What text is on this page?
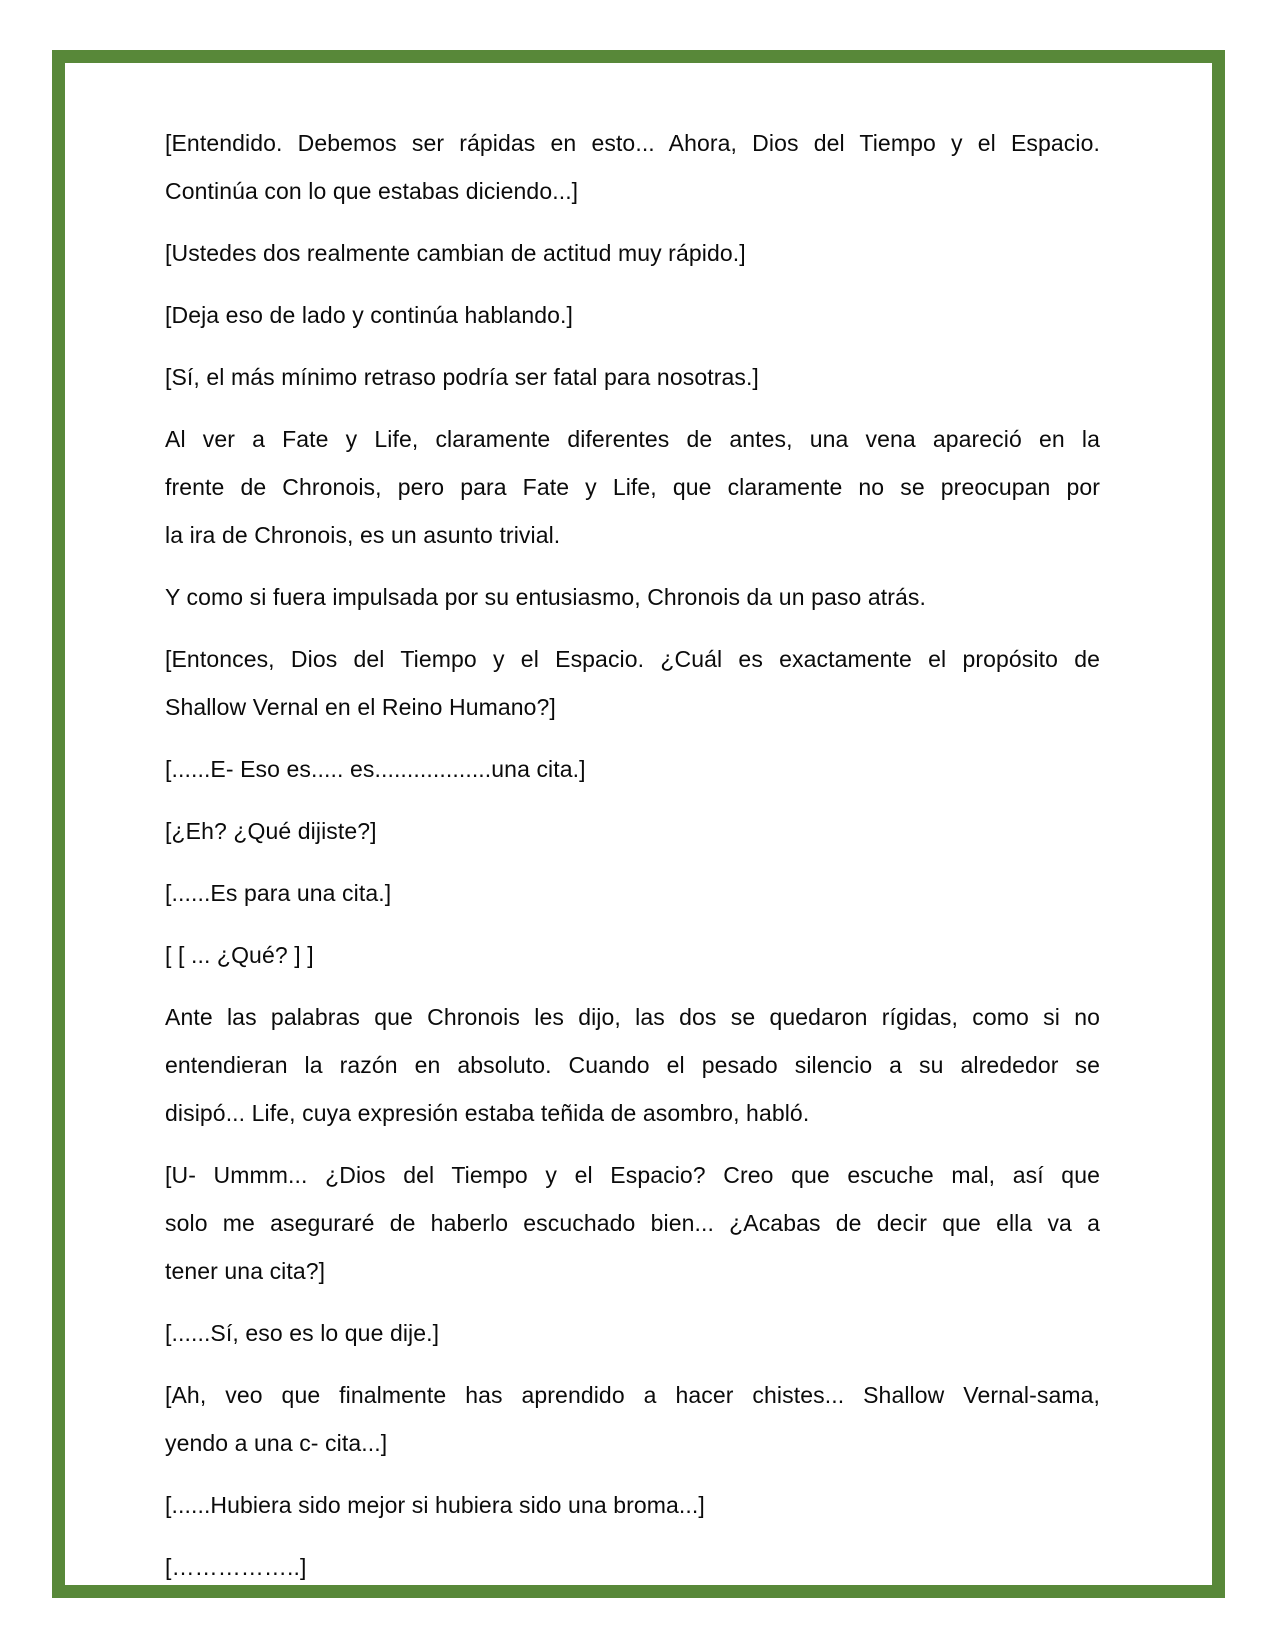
[Entendido. Debemos ser rápidas en esto... Ahora, Dios del Tiempo y el Espacio.
Continúa con lo que estabas diciendo...]

[Ustedes dos realmente cambian de actitud muy rápido.]

[Deja eso de lado y continúa hablando.]

[Sí, el más mínimo retraso podría ser fatal para nosotras.]

Al ver a Fate y Life, claramente diferentes de antes, una vena apareció en la
frente de Chronois, pero para Fate y Life, que claramente no se preocupan por
la ira de Chronois, es un asunto trivial.

Y como si fuera impulsada por su entusiasmo, Chronois da un paso atrás.

[Entonces, Dios del Tiempo y el Espacio. ¿Cuál es exactamente el propósito de
Shallow Vernal en el Reino Humano?]

[......E- Eso es..... es..................una cita.]

[¿Eh? ¿Qué dijiste?]

[......Es para una cita.]

[ [ ... ¿Qué? ] ]

Ante las palabras que Chronois les dijo, las dos se quedaron rígidas, como si no
entendieran la razón en absoluto. Cuando el pesado silencio a su alrededor se
disipó... Life, cuya expresión estaba teñida de asombro, habló.

[U- Ummm... ¿Dios del Tiempo y el Espacio? Creo que escuche mal, así que
solo me aseguraré de haberlo escuchado bien... ¿Acabas de decir que ella va a
tener una cita?]

[......Sí, eso es lo que dije.]

[Ah, veo que finalmente has aprendido a hacer chistes... Shallow Vernal-sama,
yendo a una c- cita...]

[......Hubiera sido mejor si hubiera sido una broma...]

[……………..]
